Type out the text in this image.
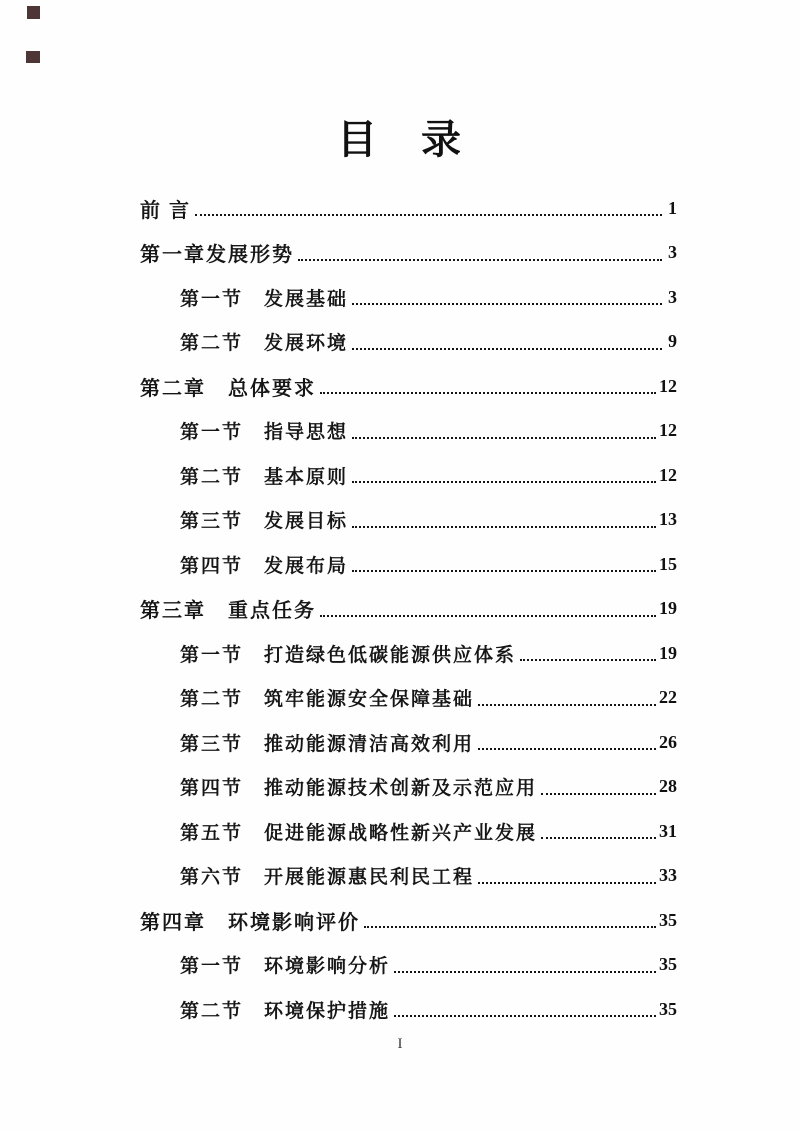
目　录
前 言	1
第一章发展形势	3
第一节　发展基础	3
第二节　发展环境	9
第二章　总体要求	12
第一节　指导思想	12
第二节　基本原则	12
第三节　发展目标	13
第四节　发展布局	15
第三章　重点任务	19
第一节　打造绿色低碳能源供应体系	19
第二节　筑牢能源安全保障基础	22
第三节　推动能源清洁高效利用	26
第四节　推动能源技术创新及示范应用	28
第五节　促进能源战略性新兴产业发展	31
第六节　开展能源惠民利民工程	33
第四章　环境影响评价	35
第一节　环境影响分析	35
第二节　环境保护措施	35
I
